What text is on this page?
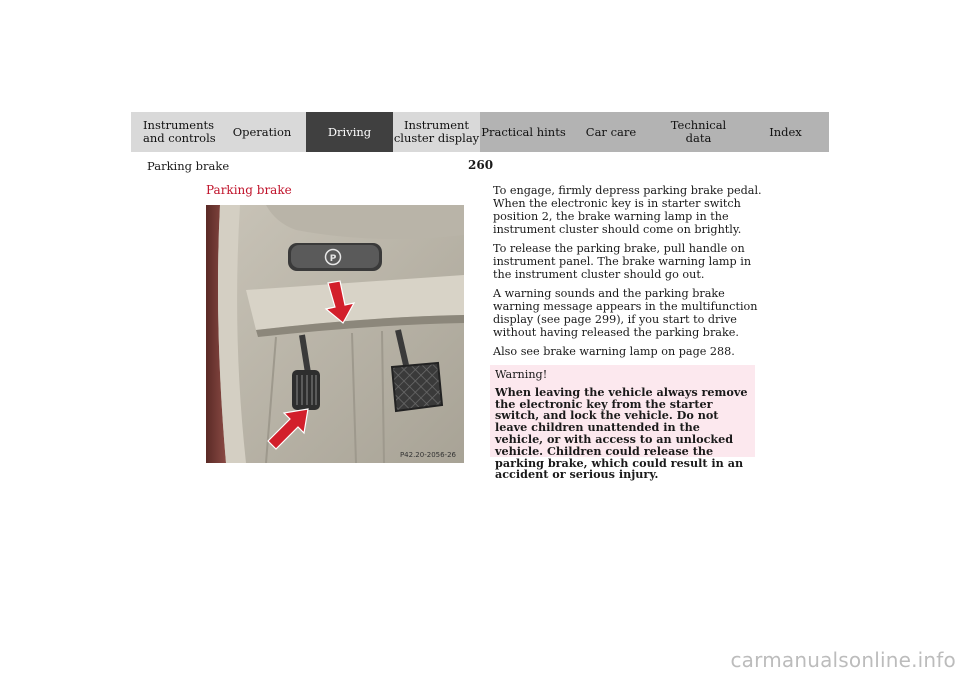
Instruments
and controls Operation	Driving	Instrument
cluster display Practical hints Car care	Technical
data	Index
Parking brake	260
Parking brake
P
P42.20-2056-26

To engage, firmly depress parking brake pedal. When the electronic key is in starter switch position 2, the brake warning lamp in the instrument cluster should come on brightly.

To release the parking brake, pull handle on instrument panel. The brake warning lamp in the instrument cluster should go out.

A warning sounds and the parking brake warning message appears in the multifunction display (see page 299), if you start to drive without having released the parking brake.

Also see brake warning lamp on page 288.

Warning!

When leaving the vehicle always remove the electronic key from the starter switch, and lock the vehicle. Do not leave children unattended in the vehicle, or with access to an unlocked vehicle. Children could release the parking brake, which could result in an accident or serious injury.

carmanualsonline.info
